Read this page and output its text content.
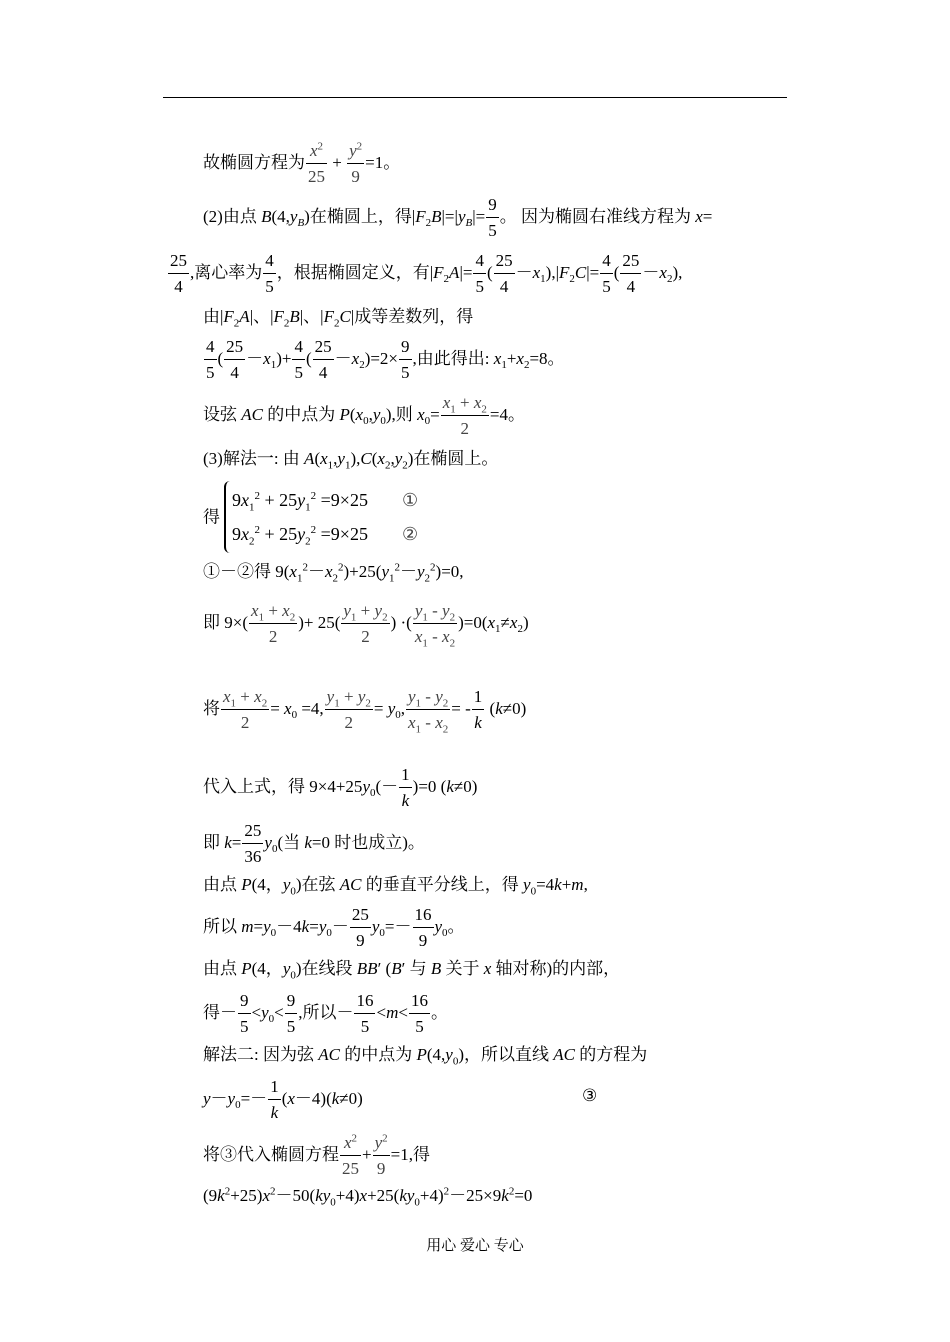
故椭圆方程为 $\frac{x^2}{25} + \frac{y^2}{9} =1$。
(2)由点 $B(4,y_B)$在椭圆上，得$|F_2B|=|y_B|= \frac{9}{5}$ 。 因为椭圆右准线方程为 x=
$\frac{25}{4}$ ,离心率为 $\frac{4}{5}$ ，根据椭圆定义，有$|F_2A|= \frac{4}{5}$ ( $\frac{25}{4} -x_1),|F_2C|= \frac{4}{5}$ ( $\frac{25}{4} -x_2$),
由$|F_2A|$、$|F_2B|$、$|F_2C|$成等差数列，得
$\frac{4}{5}$ ( $\frac{25}{4} -x_1)+ \frac{4}{5}$ ( $\frac{25}{4} -x_2)=2\times \frac{9}{5}$ ,由此得出: $x_1+x_2=8$。
设弦 AC 的中点为 $P(x_0,y_0)$,则 $x_0= \frac{x_1 + x_2}{2} =4$。
(3)解法一: 由 $A(x_1,y_1),C(x_2,y_2)$在椭圆上。
得
$9x_1^2 + 25y_1^2 =9\times 25$ ①
$9x_2^2 + 25y_2^2 =9\times 25$ ②
①－②得 $9(x_1^2-x_2^2)+25(y_1^2-y_2^2)=0$,
即 $9\times( \frac{x_1 + x_2}{2}$ )+ $25( \frac{y_1 + y_2}{2}$ ) ·( $\frac{y_1 - y_2}{x_1 - x_2} )=0(x_1\ne x_2)$
将 $\frac{x_1 + x_2}{2} = x_0 =4$, $\frac{y_1 + y_2}{2} = y_0$, $\frac{y_1 - y_2}{x_1 - x_2}$ = - $\frac{1}{k} (k\ne 0)$
代入上式，得 $9\times 4+25y_0(- \frac{1}{k} )=0$ (k≠0)
即 $k= \frac{25}{36} y_0$(当 k=0 时也成立)。
由点 P(4，$y_0$)在弦 AC 的垂直平分线上，得 $y_0=4k+m$,
所以 $m=y_0-4k=y_0- \frac{25}{9} y_0=- \frac{16}{9} y_0$。
由点 P(4，$y_0$)在线段 BB′ (B′ 与 B 关于 x 轴对称)的内部，
得－ $\frac{9}{5} <y_0< \frac{9}{5}$ ,所以－ $\frac{16}{5} <m< \frac{16}{5}$ 。
解法二: 因为弦 AC 的中点为 $P(4,y_0)$，所以直线 AC 的方程为
$y-y_0=- \frac{1}{k} (x-4)(k\ne 0)$	③
将③代入椭圆方程 $\frac{x^2}{25} + \frac{y^2}{9} =1$,得
$(9k^2+25)x^2-50(ky_0+4)x+25(ky_0+4)^2-25\times 9k^2=0$
用心 爱心 专心
